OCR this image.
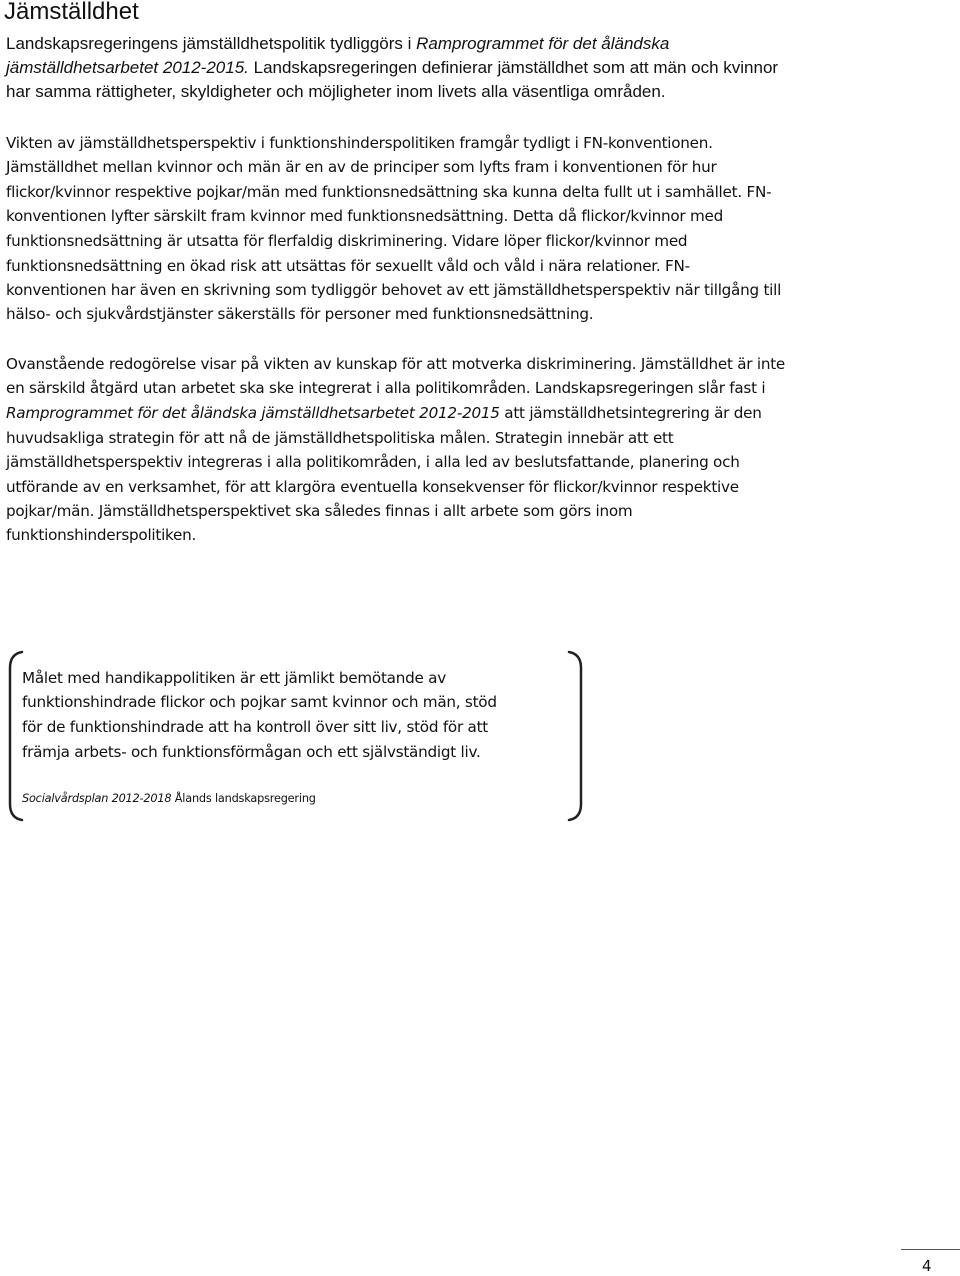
Jämställdhet

Landskapsregeringens jämställdhetspolitik tydliggörs i Ramprogrammet för det åländska

jämställdhetsarbetet 2012-2015. Landskapsregeringen definierar jämställdhet som att män och kvinnor

har samma rättigheter, skyldigheter och möjligheter inom livets alla väsentliga områden.

Vikten av jämställdhetsperspektiv i funktionshinderspolitiken framgår tydligt i FN-konventionen.

Jämställdhet mellan kvinnor och män är en av de principer som lyfts fram i konventionen för hur

flickor/kvinnor respektive pojkar/män med funktionsnedsättning ska kunna delta fullt ut i samhället. FN-

konventionen lyfter särskilt fram kvinnor med funktionsnedsättning. Detta då flickor/kvinnor med

funktionsnedsättning är utsatta för flerfaldig diskriminering. Vidare löper flickor/kvinnor med

funktionsnedsättning en ökad risk att utsättas för sexuellt våld och våld i nära relationer. FN-

konventionen har även en skrivning som tydliggör behovet av ett jämställdhetsperspektiv när tillgång till

hälso- och sjukvårdstjänster säkerställs för personer med funktionsnedsättning.

Ovanstående redogörelse visar på vikten av kunskap för att motverka diskriminering. Jämställdhet är inte

en särskild åtgärd utan arbetet ska ske integrerat i alla politikområden. Landskapsregeringen slår fast i

Ramprogrammet för det åländska jämställdhetsarbetet 2012-2015 att jämställdhetsintegrering är den

huvudsakliga strategin för att nå de jämställdhetspolitiska målen. Strategin innebär att ett

jämställdhetsperspektiv integreras i alla politikområden, i alla led av beslutsfattande, planering och

utförande av en verksamhet, för att klargöra eventuella konsekvenser för flickor/kvinnor respektive

pojkar/män. Jämställdhetsperspektivet ska således finnas i allt arbete som görs inom

funktionshinderspolitiken.

Målet med handikappolitiken är ett jämlikt bemötande av

funktionshindrade flickor och pojkar samt kvinnor och män, stöd

för de funktionshindrade att ha kontroll över sitt liv, stöd för att

främja arbets- och funktionsförmågan och ett självständigt liv.

Socialvårdsplan 2012-2018 Ålands landskapsregering

4
